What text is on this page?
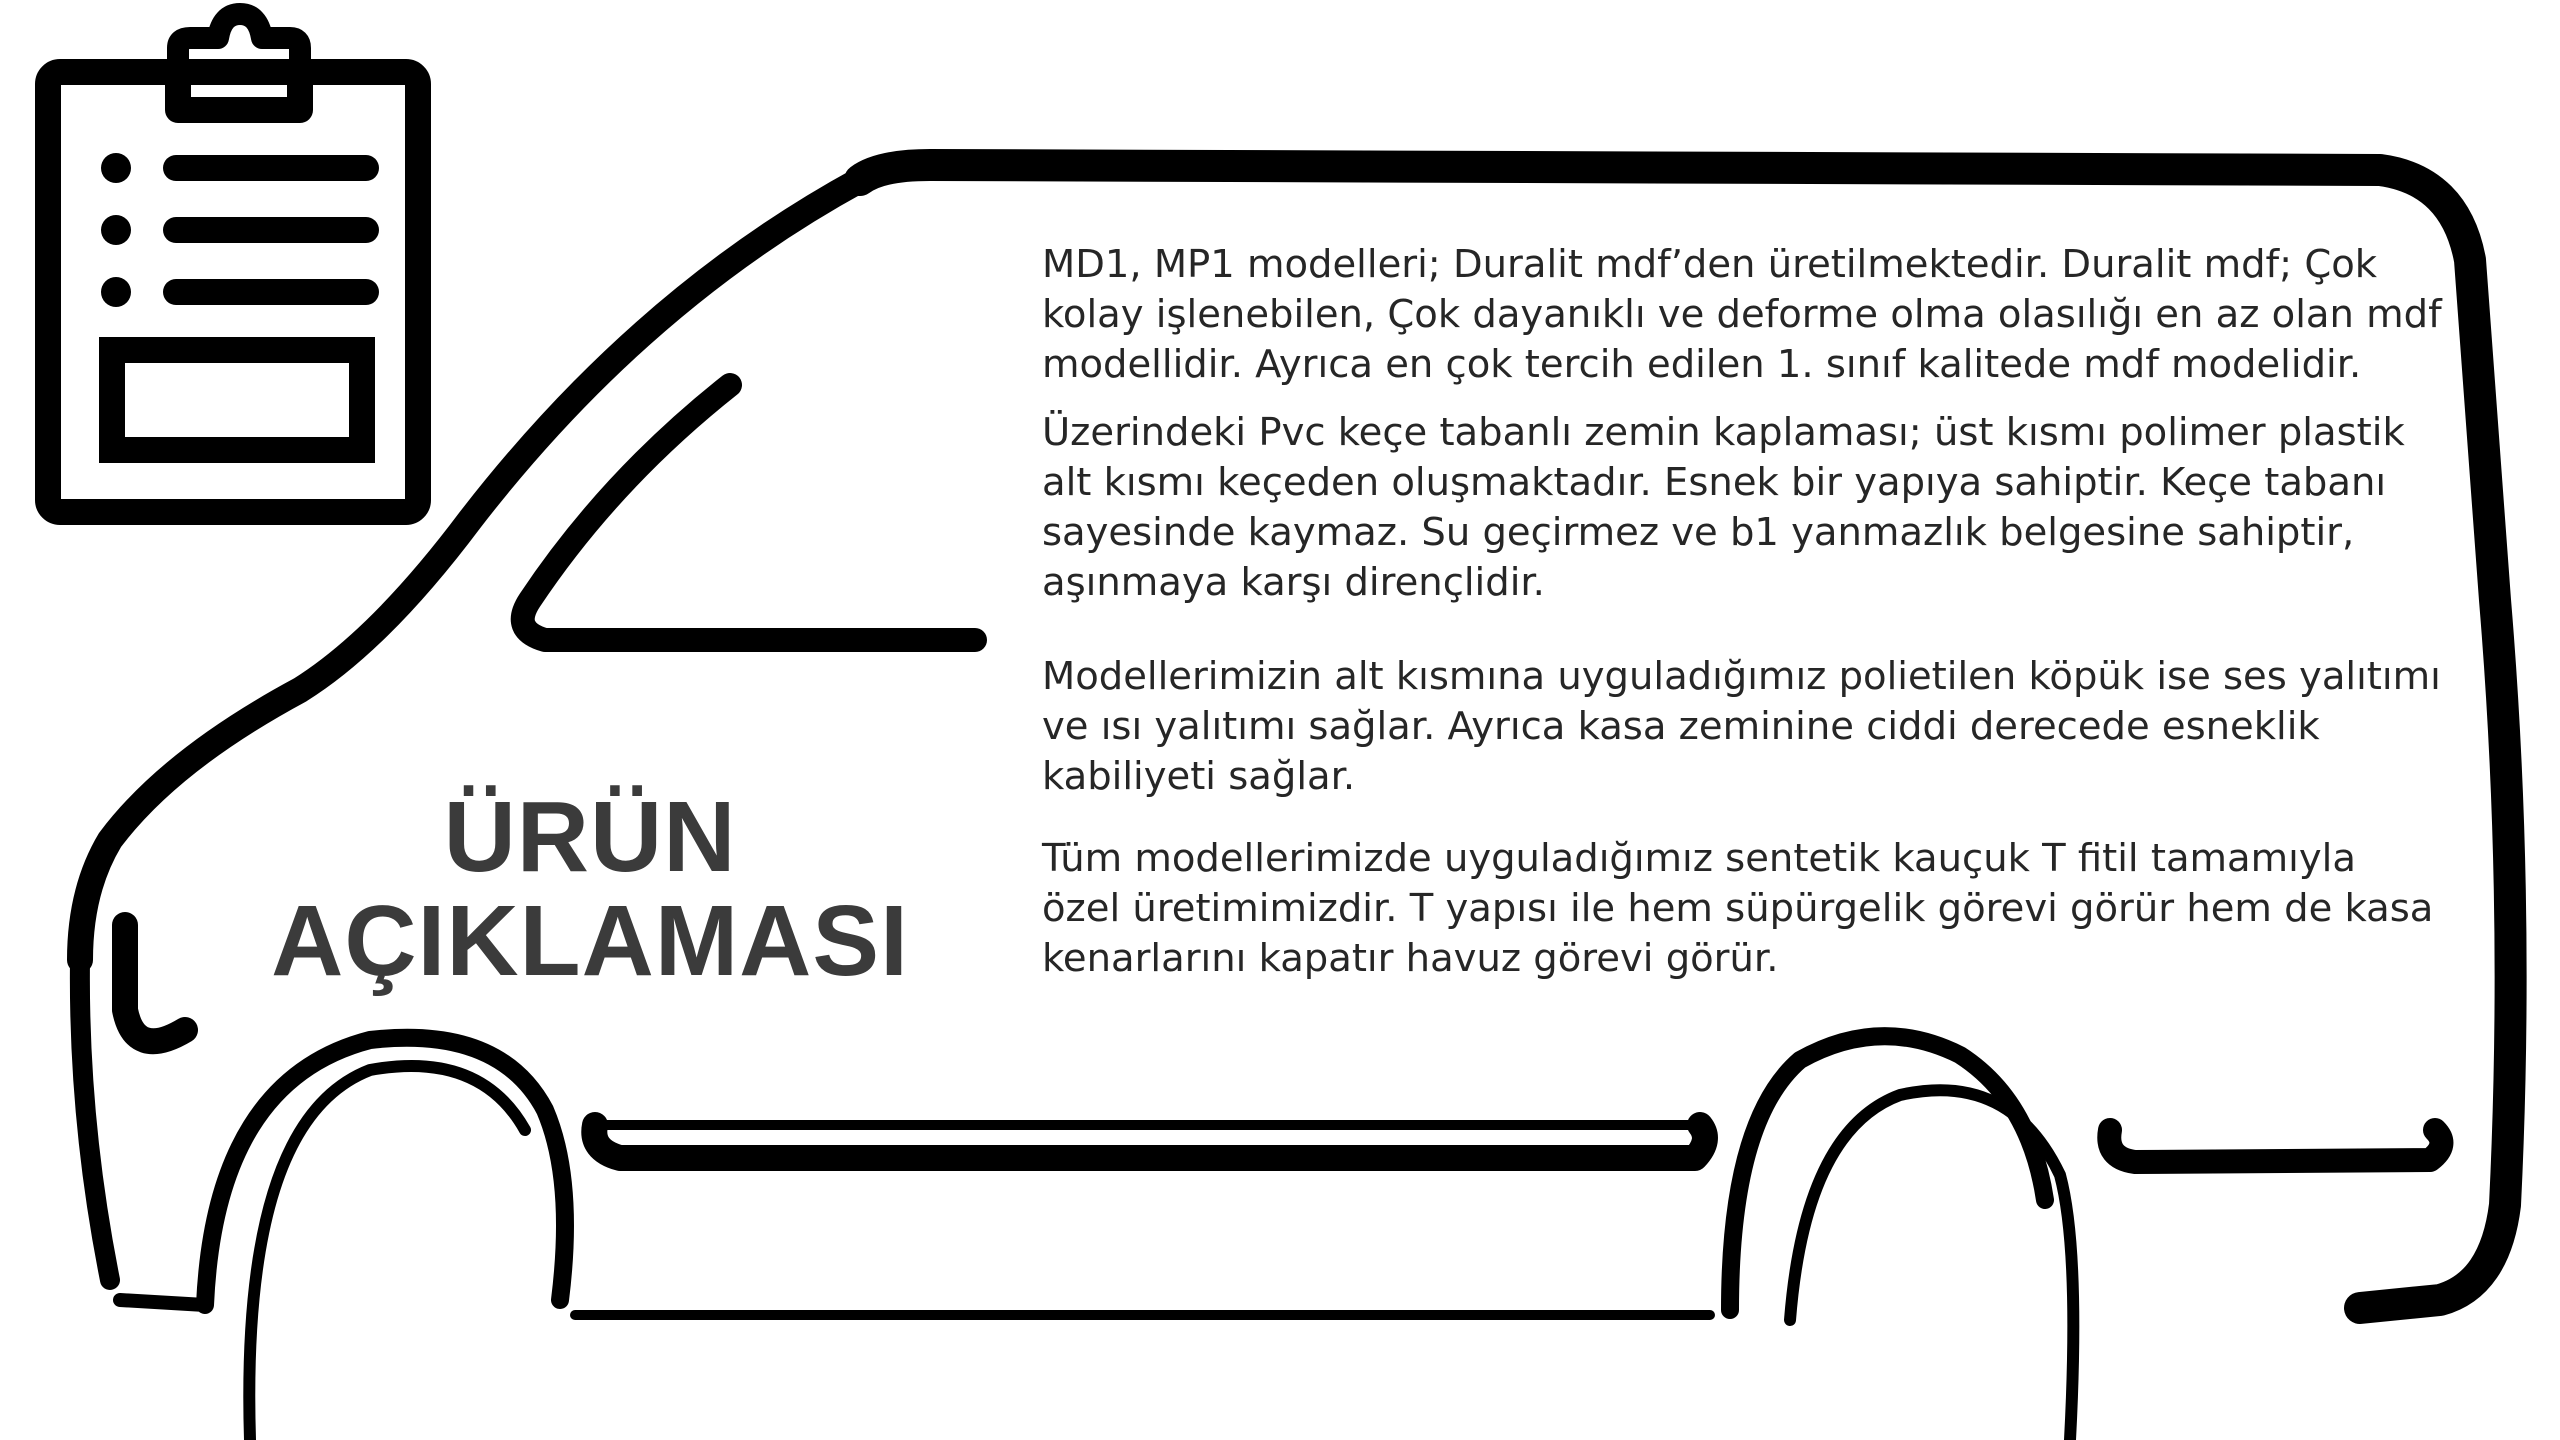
ÜRÜN
AÇIKLAMASI

MD1, MP1 modelleri; Duralit mdf’den üretilmektedir. Duralit mdf; Çok kolay işlenebilen, Çok dayanıklı ve deforme olma olasılığı en az olan mdf modellidir. Ayrıca en çok tercih edilen 1. sınıf kalitede mdf modelidir.

Üzerindeki Pvc keçe tabanlı zemin kaplaması; üst kısmı polimer plastik alt kısmı keçeden oluşmaktadır. Esnek bir yapıya sahiptir. Keçe tabanı sayesinde kaymaz. Su geçirmez ve b1 yanmazlık belgesine sahiptir, aşınmaya karşı dirençlidir.

Modellerimizin alt kısmına uyguladığımız polietilen köpük ise ses yalıtımı ve ısı yalıtımı sağlar. Ayrıca kasa zeminine ciddi derecede esneklik kabiliyeti sağlar.

Tüm modellerimizde uyguladığımız sentetik kauçuk T fitil tamamıyla özel üretimimizdir. T yapısı ile hem süpürgelik görevi görür hem de kasa kenarlarını kapatır havuz görevi görür.
